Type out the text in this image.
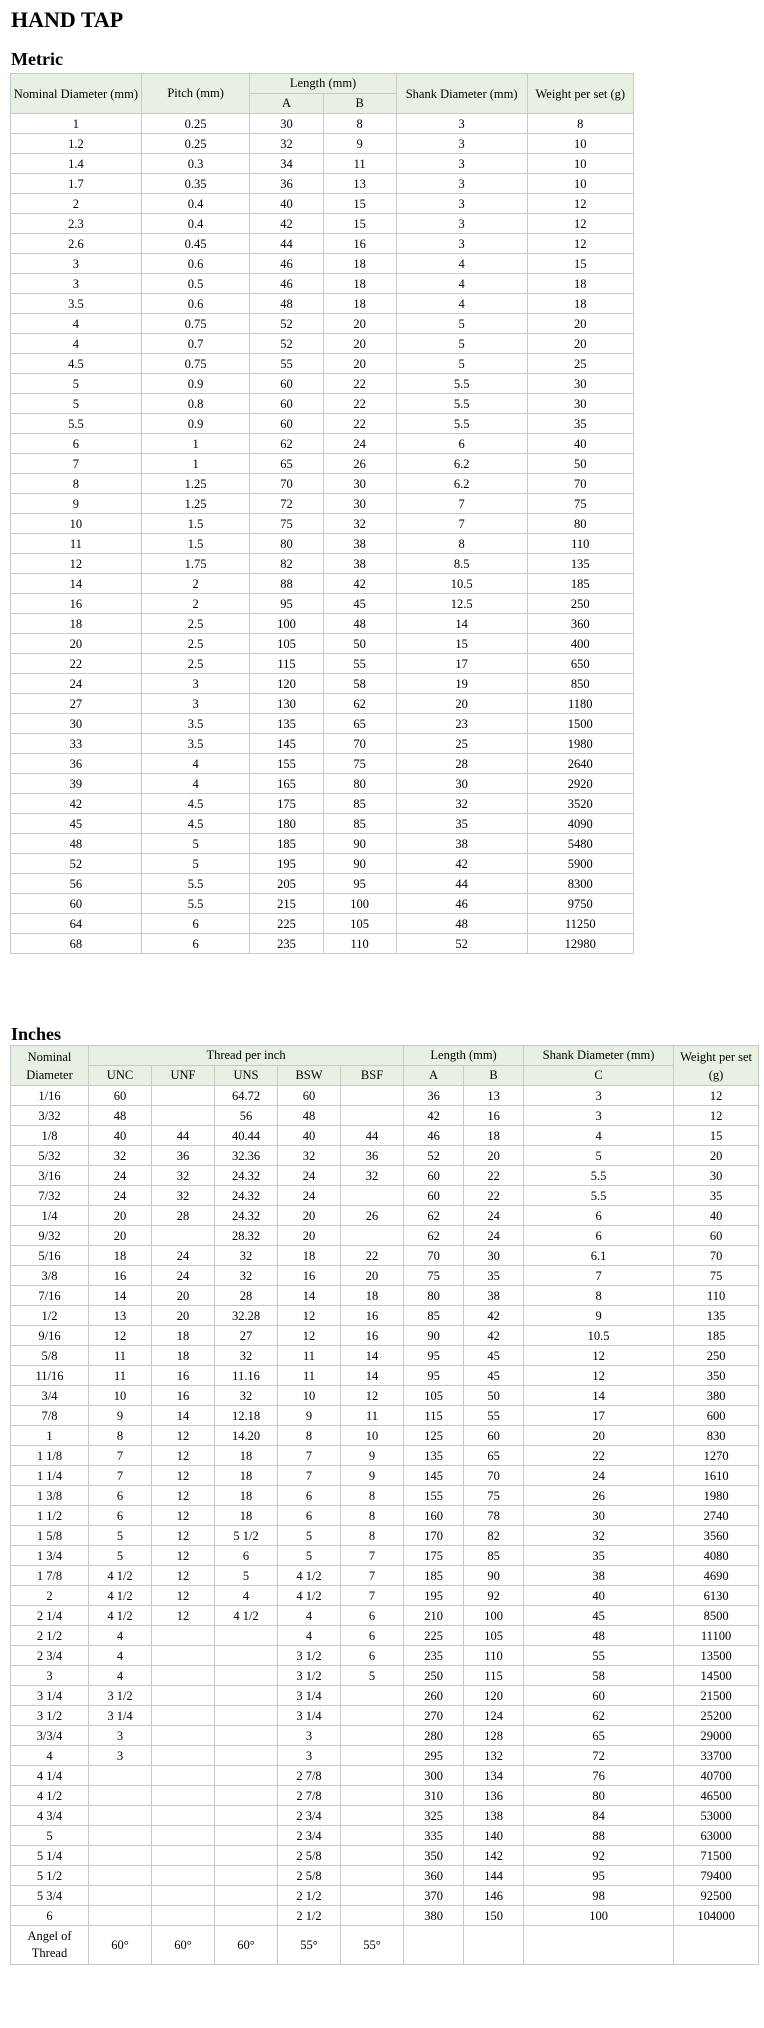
HAND TAP
Metric
Nominal Diameter (mm)	Pitch (mm)	Length (mm)		Shank Diameter (mm)	Weight per set (g)
		A	B		
1	0.25	30	8	3	8
1.2	0.25	32	9	3	10
1.4	0.3	34	11	3	10
1.7	0.35	36	13	3	10
2	0.4	40	15	3	12
2.3	0.4	42	15	3	12
2.6	0.45	44	16	3	12
3	0.6	46	18	4	15
3	0.5	46	18	4	18
3.5	0.6	48	18	4	18
4	0.75	52	20	5	20
4	0.7	52	20	5	20
4.5	0.75	55	20	5	25
5	0.9	60	22	5.5	30
5	0.8	60	22	5.5	30
5.5	0.9	60	22	5.5	35
6	1	62	24	6	40
7	1	65	26	6.2	50
8	1.25	70	30	6.2	70
9	1.25	72	30	7	75
10	1.5	75	32	7	80
11	1.5	80	38	8	110
12	1.75	82	38	8.5	135
14	2	88	42	10.5	185
16	2	95	45	12.5	250
18	2.5	100	48	14	360
20	2.5	105	50	15	400
22	2.5	115	55	17	650
24	3	120	58	19	850
27	3	130	62	20	1180
30	3.5	135	65	23	1500
33	3.5	145	70	25	1980
36	4	155	75	28	2640
39	4	165	80	30	2920
42	4.5	175	85	32	3520
45	4.5	180	85	35	4090
48	5	185	90	38	5480
52	5	195	90	42	5900
56	5.5	205	95	44	8300
60	5.5	215	100	46	9750
64	6	225	105	48	11250
68	6	235	110	52	12980
Inches
Nominal Diameter	Thread per inch					Length (mm)		Shank Diameter (mm)	Weight per set (g)
	UNC	UNF	UNS	BSW	BSF	A	B	C	
1/16	60		64.72	60		36	13	3	12
3/32	48		56	48		42	16	3	12
1/8	40	44	40.44	40	44	46	18	4	15
5/32	32	36	32.36	32	36	52	20	5	20
3/16	24	32	24.32	24	32	60	22	5.5	30
7/32	24	32	24.32	24		60	22	5.5	35
1/4	20	28	24.32	20	26	62	24	6	40
9/32	20		28.32	20		62	24	6	60
5/16	18	24	32	18	22	70	30	6.1	70
3/8	16	24	32	16	20	75	35	7	75
7/16	14	20	28	14	18	80	38	8	110
1/2	13	20	32.28	12	16	85	42	9	135
9/16	12	18	27	12	16	90	42	10.5	185
5/8	11	18	32	11	14	95	45	12	250
11/16	11	16	11.16	11	14	95	45	12	350
3/4	10	16	32	10	12	105	50	14	380
7/8	9	14	12.18	9	11	115	55	17	600
1	8	12	14.20	8	10	125	60	20	830
1 1/8	7	12	18	7	9	135	65	22	1270
1 1/4	7	12	18	7	9	145	70	24	1610
1 3/8	6	12	18	6	8	155	75	26	1980
1 1/2	6	12	18	6	8	160	78	30	2740
1 5/8	5	12	5 1/2	5	8	170	82	32	3560
1 3/4	5	12	6	5	7	175	85	35	4080
1 7/8	4 1/2	12	5	4 1/2	7	185	90	38	4690
2	4 1/2	12	4	4 1/2	7	195	92	40	6130
2 1/4	4 1/2	12	4 1/2	4	6	210	100	45	8500
2 1/2	4			4	6	225	105	48	11100
2 3/4	4			3 1/2	6	235	110	55	13500
3	4			3 1/2	5	250	115	58	14500
3 1/4	3 1/2			3 1/4		260	120	60	21500
3 1/2	3 1/4			3 1/4		270	124	62	25200
3/3/4	3			3		280	128	65	29000
4	3			3		295	132	72	33700
4 1/4				2 7/8		300	134	76	40700
4 1/2				2 7/8		310	136	80	46500
4 3/4				2 3/4		325	138	84	53000
5				2 3/4		335	140	88	63000
5 1/4				2 5/8		350	142	92	71500
5 1/2				2 5/8		360	144	95	79400
5 3/4				2 1/2		370	146	98	92500
6				2 1/2		380	150	100	104000
Angel of Thread	60°	60°	60°	55°	55°				
